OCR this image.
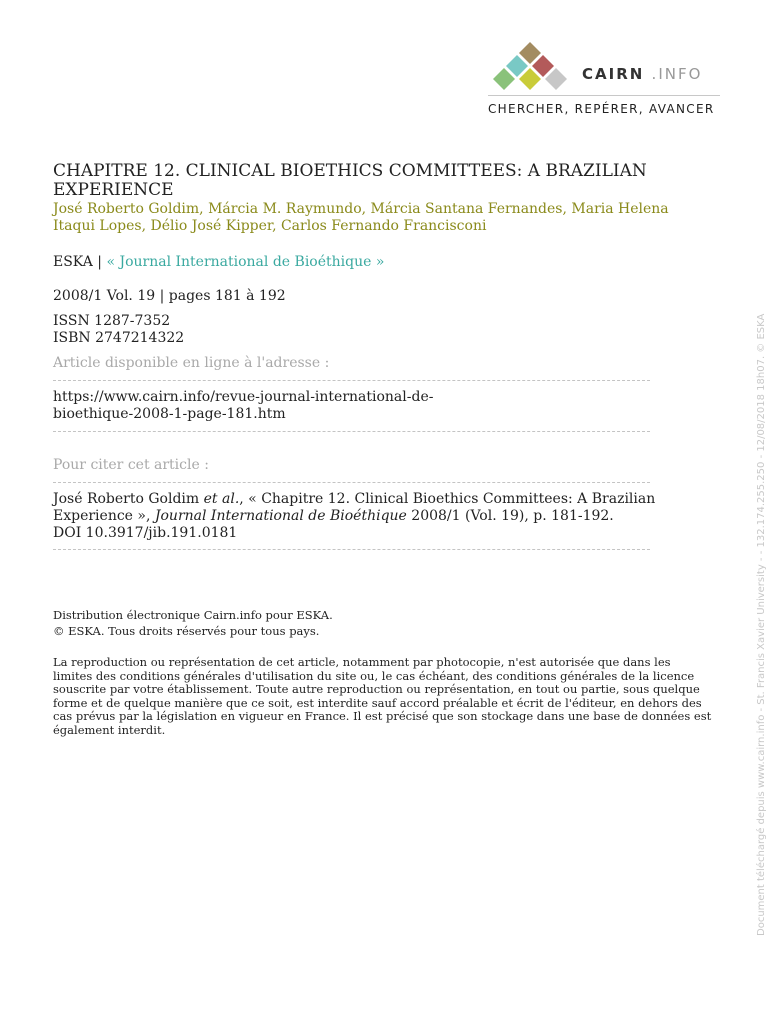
CAIRN .INFO
CHERCHER, REPÉRER, AVANCER
CHAPITRE 12. CLINICAL BIOETHICS COMMITTEES: A BRAZILIAN EXPERIENCE
José Roberto Goldim, Márcia M. Raymundo, Márcia Santana Fernandes, Maria Helena Itaqui Lopes, Délio José Kipper, Carlos Fernando Francisconi
ESKA | « Journal International de Bioéthique »
2008/1 Vol. 19 | pages 181 à 192
ISSN 1287-7352
ISBN 2747214322
Article disponible en ligne à l'adresse :
https://www.cairn.info/revue-journal-international-de-
bioethique-2008-1-page-181.htm
Pour citer cet article :
José Roberto Goldim et al., « Chapitre 12. Clinical Bioethics Committees: A Brazilian Experience », Journal International de Bioéthique 2008/1 (Vol. 19), p. 181-192.
DOI 10.3917/jib.191.0181
Distribution électronique Cairn.info pour ESKA.
© ESKA. Tous droits réservés pour tous pays.
La reproduction ou représentation de cet article, notamment par photocopie, n'est autorisée que dans les limites des conditions générales d'utilisation du site ou, le cas échéant, des conditions générales de la licence souscrite par votre établissement. Toute autre reproduction ou représentation, en tout ou partie, sous quelque forme et de quelque manière que ce soit, est interdite sauf accord préalable et écrit de l'éditeur, en dehors des cas prévus par la législation en vigueur en France. Il est précisé que son stockage dans une base de données est également interdit.	Document téléchargé depuis www.cairn.info - St. Francis Xavier University - - 132.174.255.250 - 12/08/2018 18h07. © ESKA
